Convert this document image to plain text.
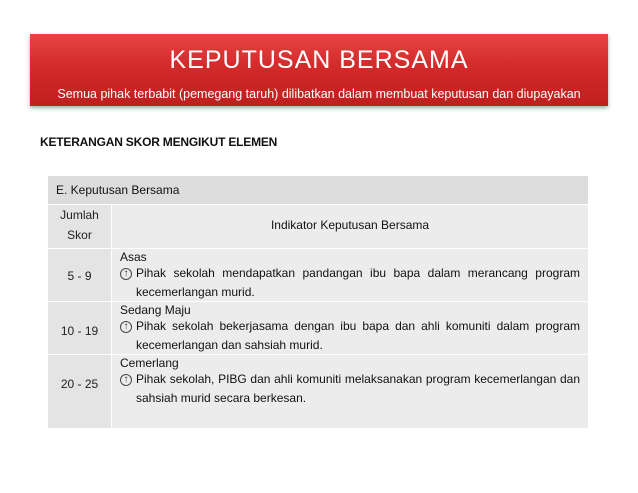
KEPUTUSAN BERSAMA
Semua pihak terbabit (pemegang taruh) dilibatkan dalam membuat keputusan dan diupayakan
KETERANGAN SKOR MENGIKUT ELEMEN
E. Keputusan Bersama
Jumlah
Skor
Indikator Keputusan Bersama
5 - 9
Asas
↑ Pihak sekolah mendapatkan pandangan ibu bapa dalam merancang program kecemerlangan murid.
10 - 19
Sedang Maju
↑ Pihak sekolah bekerjasama dengan ibu bapa dan ahli komuniti dalam program kecemerlangan dan sahsiah murid.
20 - 25
Cemerlang
↑ Pihak sekolah, PIBG dan ahli komuniti melaksanakan program kecemerlangan dan sahsiah murid secara berkesan.
